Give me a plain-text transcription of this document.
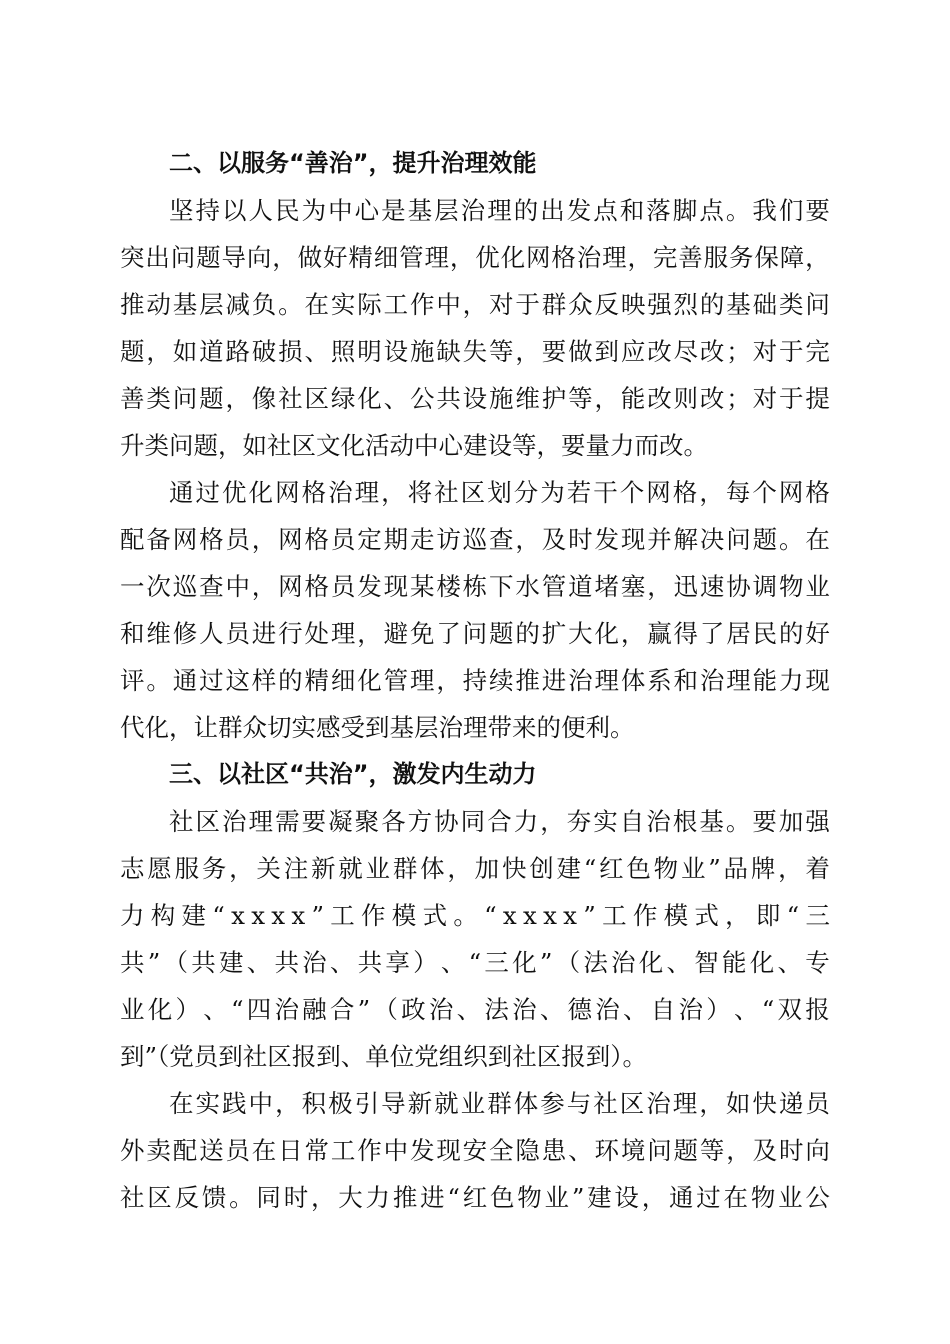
二、以服务“善治”，提升治理效能
坚 持 以 人 民 为 中 心 是 基 层 治 理 的 出 发 点 和 落 脚 点 。 我 们 要
突 出 问 题 导 向 ， 做 好 精 细 管 理 ， 优 化 网 格 治 理 ， 完 善 服 务 保 障 ，
推 动 基 层 减 负 。 在 实 际 工 作 中 ， 对 于 群 众 反 映 强 烈 的 基 础 类 问
题 ， 如 道 路 破 损 、 照 明 设 施 缺 失 等 ， 要 做 到 应 改 尽 改 ； 对 于 完
善 类 问 题 ， 像 社 区 绿 化 、 公 共 设 施 维 护 等 ， 能 改 则 改 ； 对 于 提
升类问题，如社区文化活动中心建设等，要量力而改。
通 过 优 化 网 格 治 理 ， 将 社 区 划 分 为 若 干 个 网 格 ， 每 个 网 格
配 备 网 格 员 ， 网 格 员 定 期 走 访 巡 查 ， 及 时 发 现 并 解 决 问 题 。 在
一 次 巡 查 中 ， 网 格 员 发 现 某 楼 栋 下 水 管 道 堵 塞 ， 迅 速 协 调 物 业
和 维 修 人 员 进 行 处 理 ， 避 免 了 问 题 的 扩 大 化 ， 赢 得 了 居 民 的 好
评 。 通 过 这 样 的 精 细 化 管 理 ， 持 续 推 进 治 理 体 系 和 治 理 能 力 现
代化，让群众切实感受到基层治理带来的便利。
三、以社区“共治”，激发内生动力
社 区 治 理 需 要 凝 聚 各 方 协 同 合 力 ， 夯 实 自 治 根 基 。 要 加 强
志 愿 服 务 ， 关 注 新 就 业 群 体 ， 加 快 创 建 “ 红 色 物 业 ” 品 牌 ， 着
力 构 建 “ x x x x ” 工 作 模 式 。 “ x x x x ” 工 作 模 式 ， 即 “ 三
共 ” （ 共 建 、 共 治 、 共 享 ） 、 “ 三 化 ” （ 法 治 化 、 智 能 化 、 专
业 化 ） 、 “ 四 治 融 合 ” （ 政 治 、 法 治 、 德 治 、 自 治 ） 、 “ 双 报
到”（党员到社区报到、单位党组织到社区报到）。
在 实 践 中 ， 积 极 引 导 新 就 业 群 体 参 与 社 区 治 理 ， 如 快 递 员
外 卖 配 送 员 在 日 常 工 作 中 发 现 安 全 隐 患 、 环 境 问 题 等 ， 及 时 向
社 区 反 馈 。 同 时 ， 大 力 推 进 “ 红 色 物 业 ” 建 设 ， 通 过 在 物 业 公
